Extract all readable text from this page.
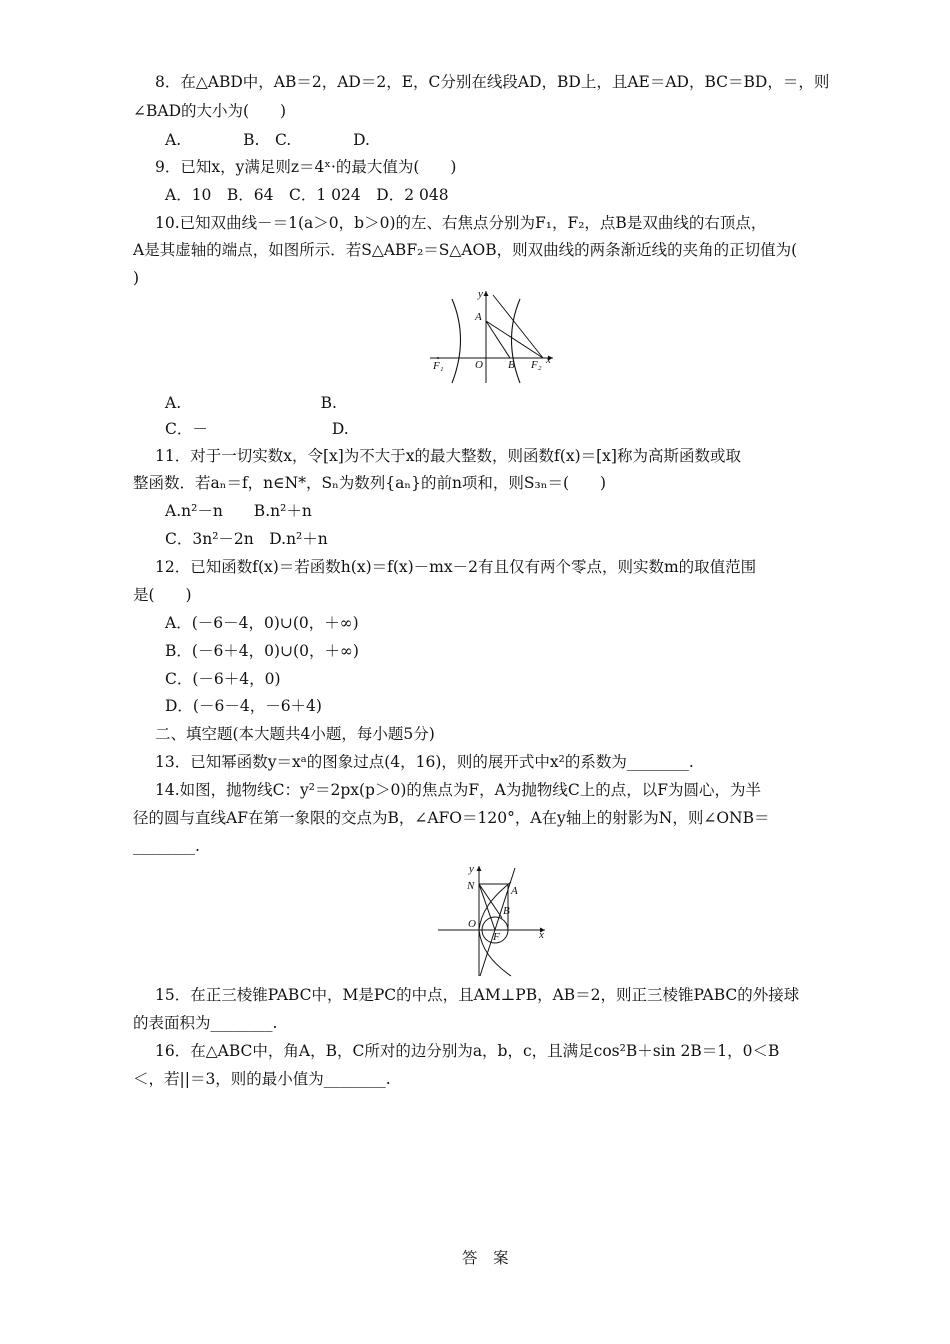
8．在△ABD中，AB＝2，AD＝2，E，C分别在线段AD，BD上，且AE＝AD，BC＝BD，＝，则
∠BAD的大小为(　　)
A.　　　　B.　C.　　　　D.
9．已知x，y满足则z＝4ˣ·的最大值为(　　)
A．10　B．64　C．1 024　D．2 048
10.已知双曲线－＝1(a＞0，b＞0)的左、右焦点分别为F₁，F₂，点B是双曲线的右顶点，
A是其虚轴的端点，如图所示．若S△ABF₂＝S△AOB，则双曲线的两条渐近线的夹角的正切值为(
)
y
A
F₁	O B F₂ x
A.　　　　　　　　　B.
C．－　　　　　　　　D.
11．对于一切实数x，令[x]为不大于x的最大整数，则函数f(x)＝[x]称为高斯函数或取
整函数．若aₙ＝f，n∈N*，Sₙ为数列{aₙ}的前n项和，则S₃ₙ＝(　　)
A.n²－n　　B.n²＋n
C．3n²－2n　D.n²＋n
12．已知函数f(x)＝若函数h(x)＝f(x)－mx－2有且仅有两个零点，则实数m的取值范围
是(　　)
A．(－6－4，0)∪(0，＋∞)
B．(－6＋4，0)∪(0，＋∞)
C．(－6＋4，0)
D．(－6－4，－6＋4)
二、填空题(本大题共4小题，每小题5分)
13．已知幂函数y＝xᵃ的图象过点(4，16)，则的展开式中x²的系数为________.
14.如图，抛物线C：y²＝2px(p＞0)的焦点为F，A为抛物线C上的点，以F为圆心，为半
径的圆与直线AF在第一象限的交点为B，∠AFO＝120°，A在y轴上的射影为N，则∠ONB＝
________.
y
N	A
B
O
F	x
15．在正三棱锥PABC中，M是PC的中点，且AM⊥PB，AB＝2，则正三棱锥PABC的外接球
的表面积为________.
16．在△ABC中，角A，B，C所对的边分别为a，b，c，且满足cos²B＋sin 2B＝1，0＜B
＜，若||＝3，则的最小值为________.
答　案
